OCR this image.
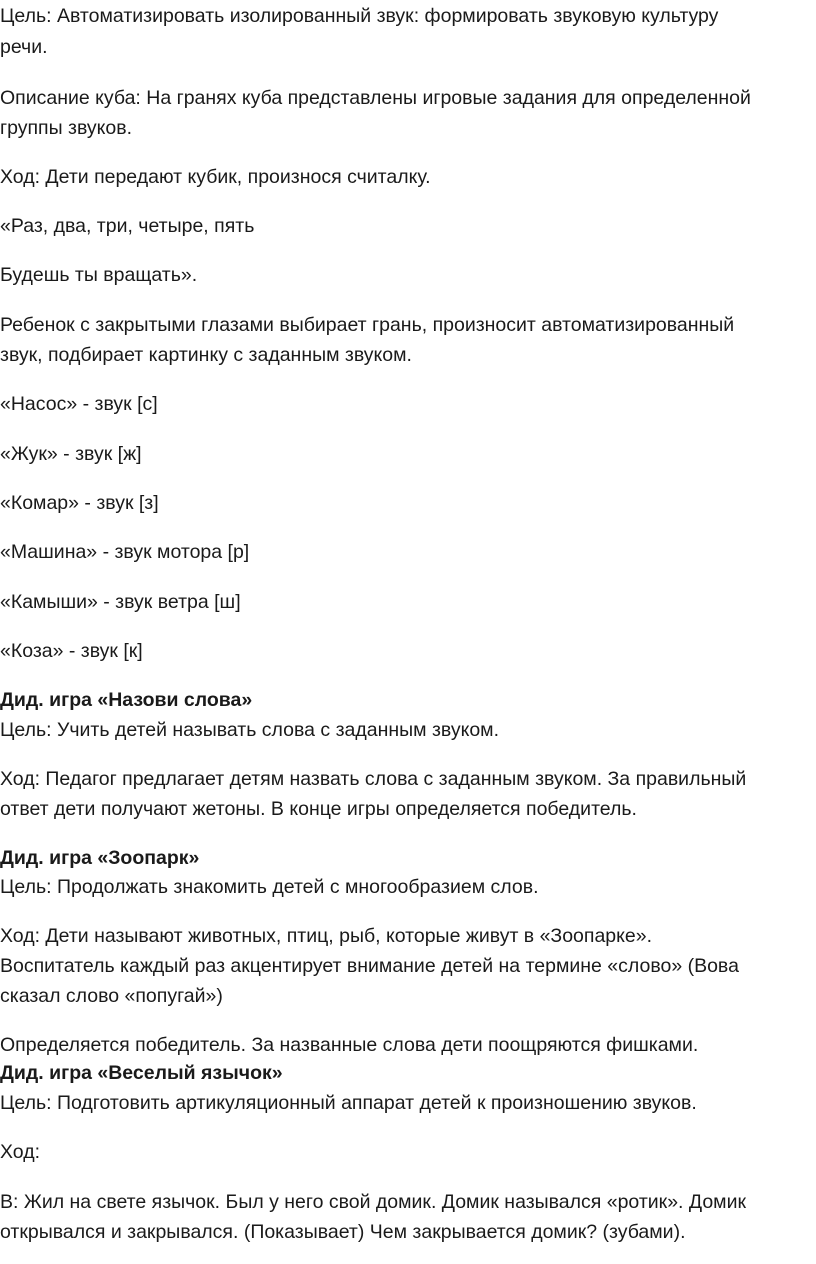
Цель: Автоматизировать изолированный звук: формировать звуковую культуру
речи.
Описание куба: На гранях куба представлены игровые задания для определенной
группы звуков.
Ход: Дети передают кубик, произнося считалку.
«Раз, два, три, четыре, пять
Будешь ты вращать».
Ребенок с закрытыми глазами выбирает грань, произносит автоматизированный
звук, подбирает картинку с заданным звуком.
«Насос» - звук [с]
«Жук» - звук [ж]
«Комар» - звук [з]
«Машина» - звук мотора [р]
«Камыши» - звук ветра [ш]
«Коза» - звук [к]
Дид. игра «Назови слова»
Цель: Учить детей называть слова с заданным звуком.
Ход: Педагог предлагает детям назвать слова с заданным звуком. За правильный
ответ дети получают жетоны. В конце игры определяется победитель.
Дид. игра «Зоопарк»
Цель: Продолжать знакомить детей с многообразием слов.
Ход: Дети называют животных, птиц, рыб, которые живут в «Зоопарке».
Воспитатель каждый раз акцентирует внимание детей на термине «слово» (Вова
сказал слово «попугай»)
Определяется победитель. За названные слова дети поощряются фишками.
Дид. игра «Веселый язычок»
Цель: Подготовить артикуляционный аппарат детей к произношению звуков.
Ход:
В: Жил на свете язычок. Был у него свой домик. Домик назывался «ротик». Домик
открывался и закрывался. (Показывает) Чем закрывается домик? (зубами).
